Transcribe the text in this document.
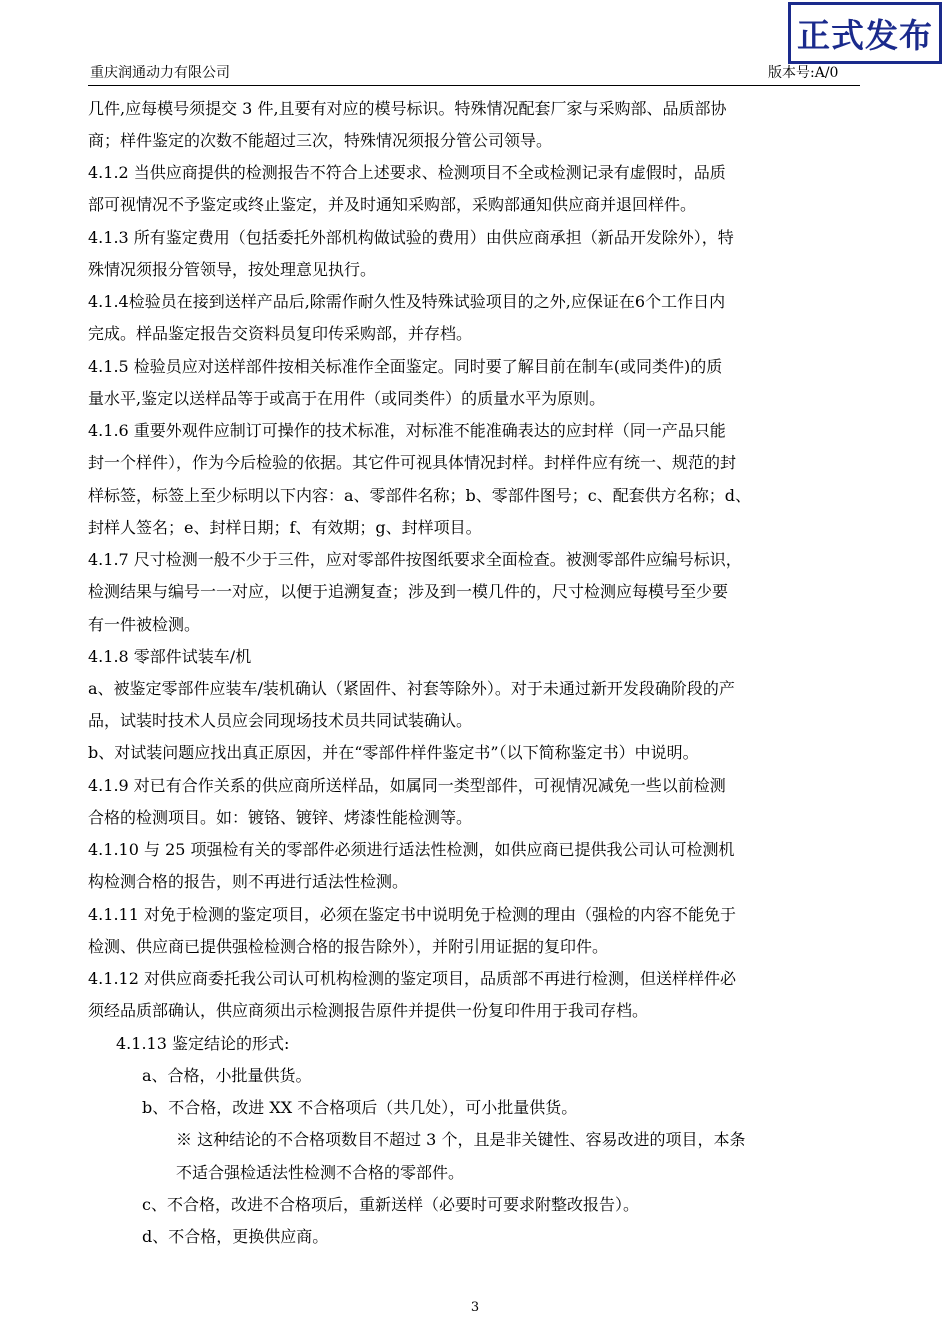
正式发布
重庆润通动力有限公司	版本号:A/0
几件,应每模号须提交 3 件,且要有对应的模号标识。特殊情况配套厂家与采购部、品质部协
商；样件鉴定的次数不能超过三次，特殊情况须报分管公司领导。
4.1.2 当供应商提供的检测报告不符合上述要求、检测项目不全或检测记录有虚假时，品质
部可视情况不予鉴定或终止鉴定，并及时通知采购部，采购部通知供应商并退回样件。
4.1.3 所有鉴定费用（包括委托外部机构做试验的费用）由供应商承担（新品开发除外），特
殊情况须报分管领导，按处理意见执行。
4.1.4检验员在接到送样产品后,除需作耐久性及特殊试验项目的之外,应保证在6个工作日内
完成。样品鉴定报告交资料员复印传采购部，并存档。
4.1.5 检验员应对送样部件按相关标准作全面鉴定。同时要了解目前在制车(或同类件)的质
量水平,鉴定以送样品等于或高于在用件（或同类件）的质量水平为原则。
4.1.6 重要外观件应制订可操作的技术标准，对标准不能准确表达的应封样（同一产品只能
封一个样件），作为今后检验的依据。其它件可视具体情况封样。封样件应有统一、规范的封
样标签，标签上至少标明以下内容：a、零部件名称；b、零部件图号；c、配套供方名称；d、
封样人签名；e、封样日期；f、有效期；g、封样项目。
4.1.7 尺寸检测一般不少于三件，应对零部件按图纸要求全面检查。被测零部件应编号标识，
检测结果与编号一一对应，以便于追溯复查；涉及到一模几件的，尺寸检测应每模号至少要
有一件被检测。
4.1.8 零部件试装车/机
a、被鉴定零部件应装车/装机确认（紧固件、衬套等除外）。对于未通过新开发段确阶段的产
品，试装时技术人员应会同现场技术员共同试装确认。
b、对试装问题应找出真正原因，并在“零部件样件鉴定书”（以下简称鉴定书）中说明。
4.1.9 对已有合作关系的供应商所送样品，如属同一类型部件，可视情况减免一些以前检测
合格的检测项目。如：镀铬、镀锌、烤漆性能检测等。
4.1.10 与 25 项强检有关的零部件必须进行适法性检测，如供应商已提供我公司认可检测机
构检测合格的报告，则不再进行适法性检测。
4.1.11 对免于检测的鉴定项目，必须在鉴定书中说明免于检测的理由（强检的内容不能免于
检测、供应商已提供强检检测合格的报告除外），并附引用证据的复印件。
4.1.12 对供应商委托我公司认可机构检测的鉴定项目，品质部不再进行检测，但送样样件必
须经品质部确认，供应商须出示检测报告原件并提供一份复印件用于我司存档。
4.1.13 鉴定结论的形式:
a、合格，小批量供货。
b、不合格，改进 XX 不合格项后（共几处），可小批量供货。
※ 这种结论的不合格项数目不超过 3 个，且是非关键性、容易改进的项目，本条
不适合强检适法性检测不合格的零部件。
c、不合格，改进不合格项后，重新送样（必要时可要求附整改报告）。
d、不合格，更换供应商。
3
